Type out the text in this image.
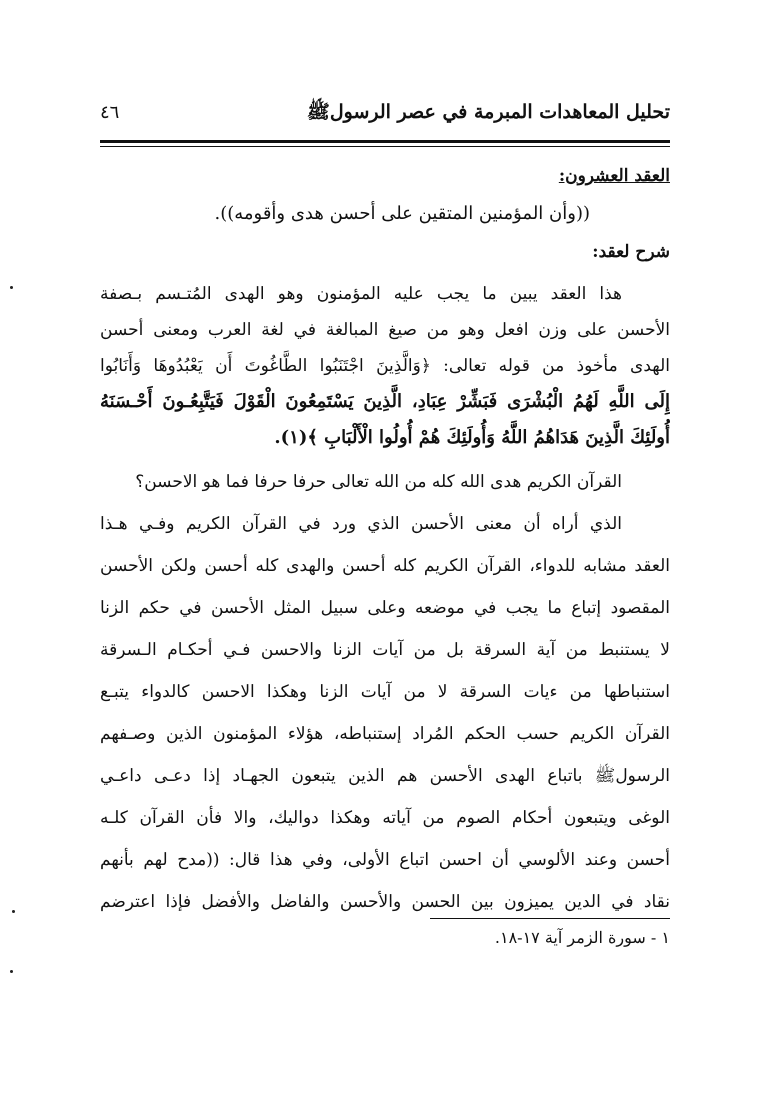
تحليل المعاهدات المبرمة في عصر الرسولﷺ
٤٦
العقد العشرون:
((وأن المؤمنين المتقين على أحسن هدى وأقومه)).
شرح لعقد:
هذا العقد يبين ما يجب عليه المؤمنون وهو الهدى المُتـسم بـصفة
الأحسن على وزن افعل وهو من صيغ المبالغة في لغة العرب ومعنى أحسن
الهدى مأخوذ من قوله تعالى: ﴿وَالَّذِينَ اجْتَنَبُوا الطَّاغُوتَ أَن يَعْبُدُوهَا وَأَنَابُوا
إِلَى اللَّهِ لَهُمُ الْبُشْرَى فَبَشِّرْ عِبَادِ، الَّذِينَ يَسْتَمِعُونَ الْقَوْلَ فَيَتَّبِعُـونَ أَحْـسَنَهُ
أُولَئِكَ الَّذِينَ هَدَاهُمُ اللَّهُ وَأُولَئِكَ هُمْ أُولُوا الْأَلْبَابِ ﴾(١).
القرآن الكريم هدى الله كله من الله تعالى حرفا حرفا فما هو الاحسن؟
الذي أراه أن معنى الأحسن الذي ورد في القرآن الكريم وفـي هـذا
العقد مشابه للدواء، القرآن الكريم كله أحسن والهدى كله أحسن ولكن الأحسن
المقصود إتباع ما يجب في موضعه وعلى سبيل المثل الأحسن في حكم الزنا
لا يستنبط من آية السرقة بل من آيات الزنا والاحسن فـي أحكـام الـسرقة
استنباطها من ءيات السرقة لا من آيات الزنا وهكذا الاحسن كالدواء يتبـع
القرآن الكريم حسب الحكم المُراد إستنباطه، هؤلاء المؤمنون الذين وصـفهم
الرسولﷺ باتباع الهدى الأحسن هم الذين يتبعون الجهـاد إذا دعـى داعـي
الوغى ويتبعون أحكام الصوم من آياته وهكذا دواليك، والا فأن القرآن كلـه
أحسن وعند الألوسي أن احسن اتباع الأولى، وفي هذا قال: ((مدح لهم بأنهم
نقاد في الدين يميزون بين الحسن والأحسن والفاضل والأفضل فإذا اعترضم
١ - سورة الزمر آية ١٧-١٨.
